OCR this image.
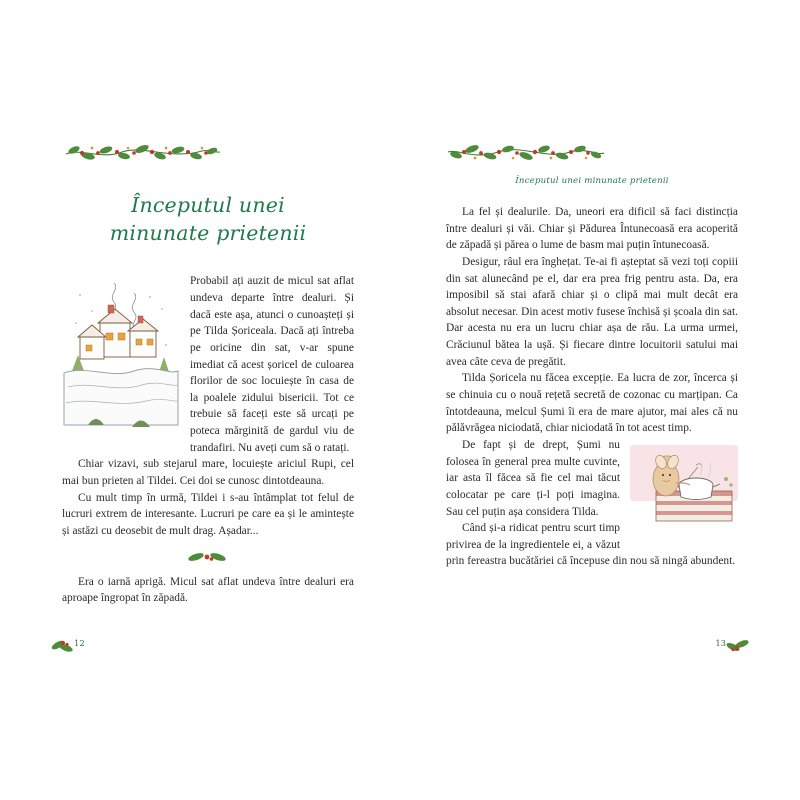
Începutul unei
minunate prietenii

Probabil ați auzit de micul sat aflat undeva departe între dealuri. Și dacă este așa, atunci o cunoașteți și pe Tilda Șoriceala. Dacă ați întreba pe oricine din sat, v-ar spune imediat că acest șoricel de culoarea florilor de soc locuiește în casa de la poalele zidului bisericii. Tot ce trebuie să faceți este să urcați pe poteca mărginită de gardul viu de trandafiri. Nu aveți cum să o ratați.

Chiar vizavi, sub stejarul mare, locuiește ariciul Rupi, cel mai bun prieten al Tildei. Cei doi se cunosc dintotdeauna.

Cu mult timp în urmă, Tildei i s-au întâmplat tot felul de lucruri extrem de interesante. Lucruri pe care ea și le amintește și astăzi cu deosebit de mult drag. Așadar...

Era o iarnă aprigă. Micul sat aflat undeva între dealuri era aproape îngropat în zăpadă.

12
Începutul unei minunate prietenii

La fel și dealurile. Da, uneori era dificil să faci distincția între dealuri și văi. Chiar și Pădurea Întunecoasă era acoperită de zăpadă și părea o lume de basm mai puțin întunecoasă.

Desigur, râul era înghețat. Te-ai fi așteptat să vezi toți copiii din sat alunecând pe el, dar era prea frig pentru asta. Da, era imposibil să stai afară chiar și o clipă mai mult decât era absolut necesar. Din acest motiv fusese închisă și școala din sat. Dar acesta nu era un lucru chiar așa de rău. La urma urmei, Crăciunul bătea la ușă. Și fiecare dintre locuitorii satului mai avea câte ceva de pregătit.

Tilda Șoricela nu făcea excepție. Ea lucra de zor, încerca și se chinuia cu o nouă rețetă secretă de cozonac cu marțipan. Ca întotdeauna, melcul Șumi îi era de mare ajutor, mai ales că nu pălăvrăgea niciodată, chiar niciodată în tot acest timp.

De fapt și de drept, Șumi nu folosea în general prea multe cuvinte, iar asta îl făcea să fie cel mai tăcut colocatar pe care ți-l poți imagina. Sau cel puțin așa considera Tilda.

Când și-a ridicat pentru scurt timp privirea de la ingredientele ei, a văzut prin fereastra bucătăriei că începuse din nou să ningă abundent.

13
